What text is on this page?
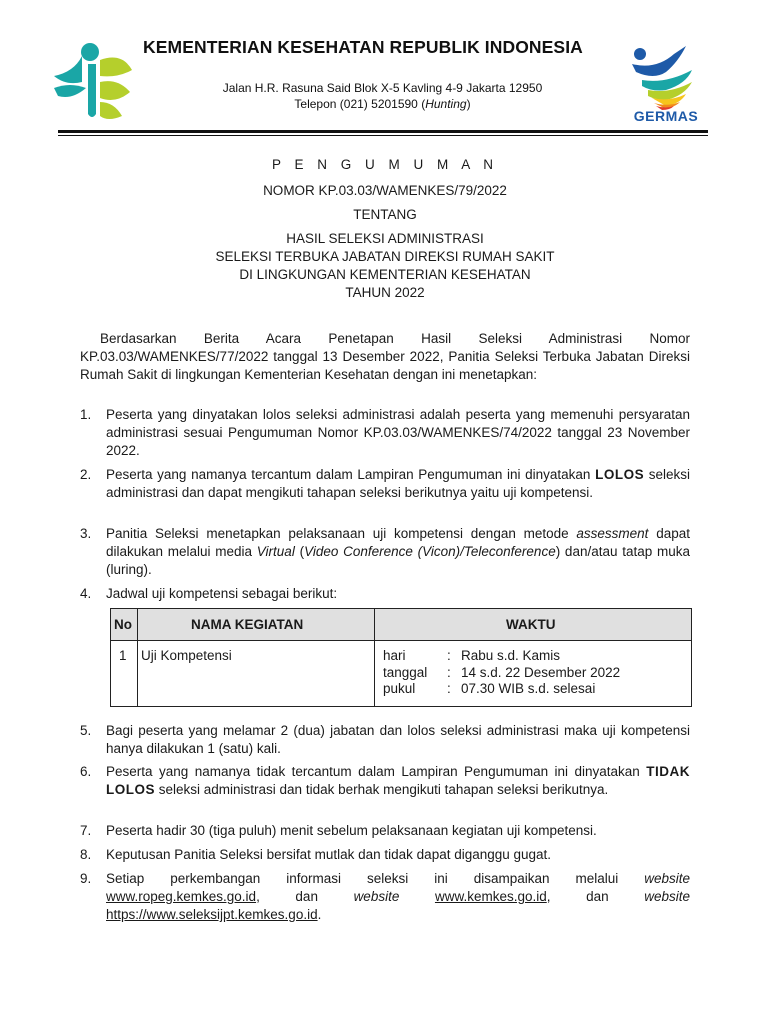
KEMENTERIAN KESEHATAN REPUBLIK INDONESIA
Jalan H.R. Rasuna Said Blok X-5 Kavling 4-9 Jakarta 12950
Telepon (021) 5201590 (Hunting)
GERMAS
P E N G U M U M A N
NOMOR KP.03.03/WAMENKES/79/2022
TENTANG
HASIL SELEKSI ADMINISTRASI
SELEKSI TERBUKA JABATAN DIREKSI RUMAH SAKIT
DI LINGKUNGAN KEMENTERIAN KESEHATAN
TAHUN 2022
Berdasarkan Berita Acara Penetapan Hasil Seleksi Administrasi Nomor KP.03.03/WAMENKES/77/2022 tanggal 13 Desember 2022, Panitia Seleksi Terbuka Jabatan Direksi Rumah Sakit di lingkungan Kementerian Kesehatan dengan ini menetapkan:
1.	Peserta yang dinyatakan lolos seleksi administrasi adalah peserta yang memenuhi persyaratan administrasi sesuai Pengumuman Nomor KP.03.03/WAMENKES/74/2022 tanggal 23 November 2022.
2.	Peserta yang namanya tercantum dalam Lampiran Pengumuman ini dinyatakan LOLOS seleksi administrasi dan dapat mengikuti tahapan seleksi berikutnya yaitu uji kompetensi.
3.	Panitia Seleksi menetapkan pelaksanaan uji kompetensi dengan metode assessment dapat dilakukan melalui media Virtual (Video Conference (Vicon)/Teleconference) dan/atau tatap muka (luring).
4.	Jadwal uji kompetensi sebagai berikut:
No	NAMA KEGIATAN	WAKTU
1 Uji Kompetensi	hari	: Rabu s.d. Kamis
tanggal : 14 s.d. 22 Desember 2022
pukul : 07.30 WIB s.d. selesai
5.	Bagi peserta yang melamar 2 (dua) jabatan dan lolos seleksi administrasi maka uji kompetensi hanya dilakukan 1 (satu) kali.
6.	Peserta yang namanya tidak tercantum dalam Lampiran Pengumuman ini dinyatakan TIDAK LOLOS seleksi administrasi dan tidak berhak mengikuti tahapan seleksi berikutnya.
7.	Peserta hadir 30 (tiga puluh) menit sebelum pelaksanaan kegiatan uji kompetensi.
8.	Keputusan Panitia Seleksi bersifat mutlak dan tidak dapat diganggu gugat.
9.	Setiap perkembangan informasi seleksi ini disampaikan melalui website www.ropeg.kemkes.go.id, dan website	www.kemkes.go.id, dan website https://www.seleksijpt.kemkes.go.id.
